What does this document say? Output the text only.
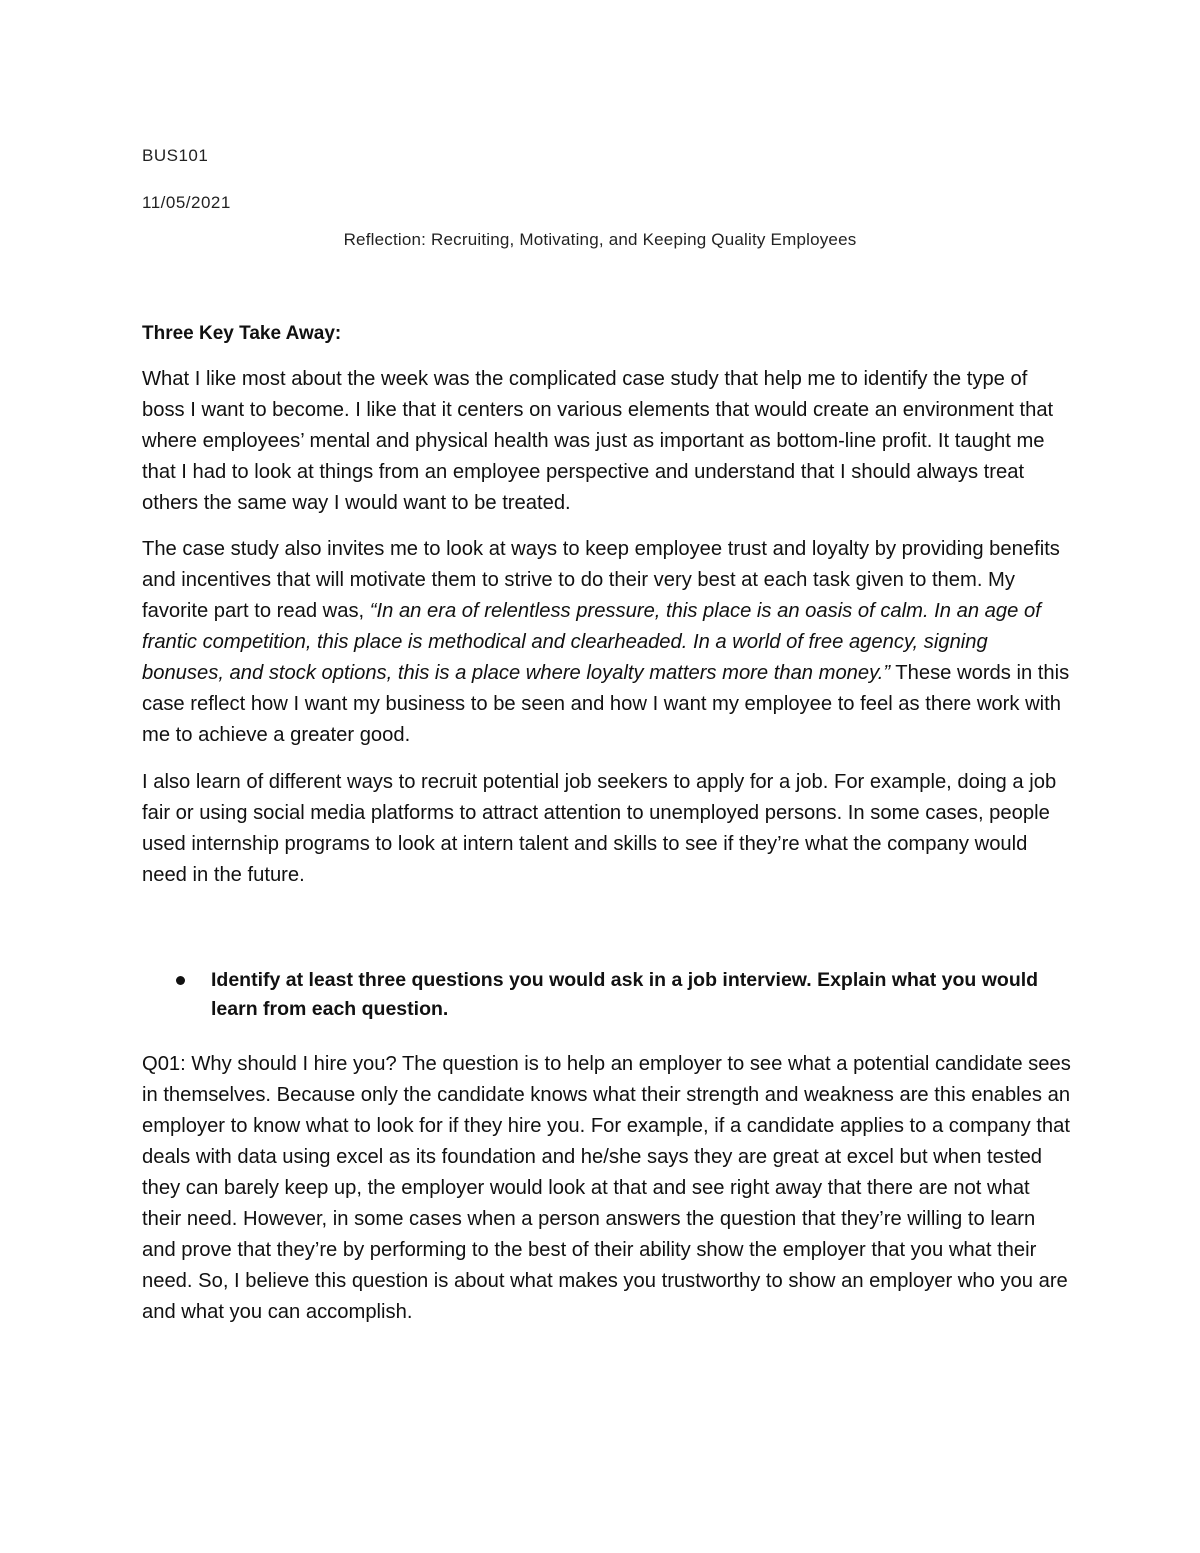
BUS101
11/05/2021
Reflection: Recruiting, Motivating, and Keeping Quality Employees
Three Key Take Away:

What I like most about the week was the complicated case study that help me to identify the type of boss I want to become. I like that it centers on various elements that would create an environment that where employees’ mental and physical health was just as important as bottom-line profit. It taught me that I had to look at things from an employee perspective and understand that I should always treat others the same way I would want to be treated.

The case study also invites me to look at ways to keep employee trust and loyalty by providing benefits and incentives that will motivate them to strive to do their very best at each task given to them. My favorite part to read was, “In an era of relentless pressure, this place is an oasis of calm. In an age of frantic competition, this place is methodical and clearheaded. In a world of free agency, signing bonuses, and stock options, this is a place where loyalty matters more than money.” These words in this case reflect how I want my business to be seen and how I want my employee to feel as there work with me to achieve a greater good.

I also learn of different ways to recruit potential job seekers to apply for a job. For example, doing a job fair or using social media platforms to attract attention to unemployed persons. In some cases, people used internship programs to look at intern talent and skills to see if they’re what the company would need in the future.

Identify at least three questions you would ask in a job interview. Explain what you would learn from each question.

Q01: Why should I hire you? The question is to help an employer to see what a potential candidate sees in themselves. Because only the candidate knows what their strength and weakness are this enables an employer to know what to look for if they hire you. For example, if a candidate applies to a company that deals with data using excel as its foundation and he/she says they are great at excel but when tested they can barely keep up, the employer would look at that and see right away that there are not what their need. However, in some cases when a person answers the question that they’re willing to learn and prove that they’re by performing to the best of their ability show the employer that you what their need. So, I believe this question is about what makes you trustworthy to show an employer who you are and what you can accomplish.
